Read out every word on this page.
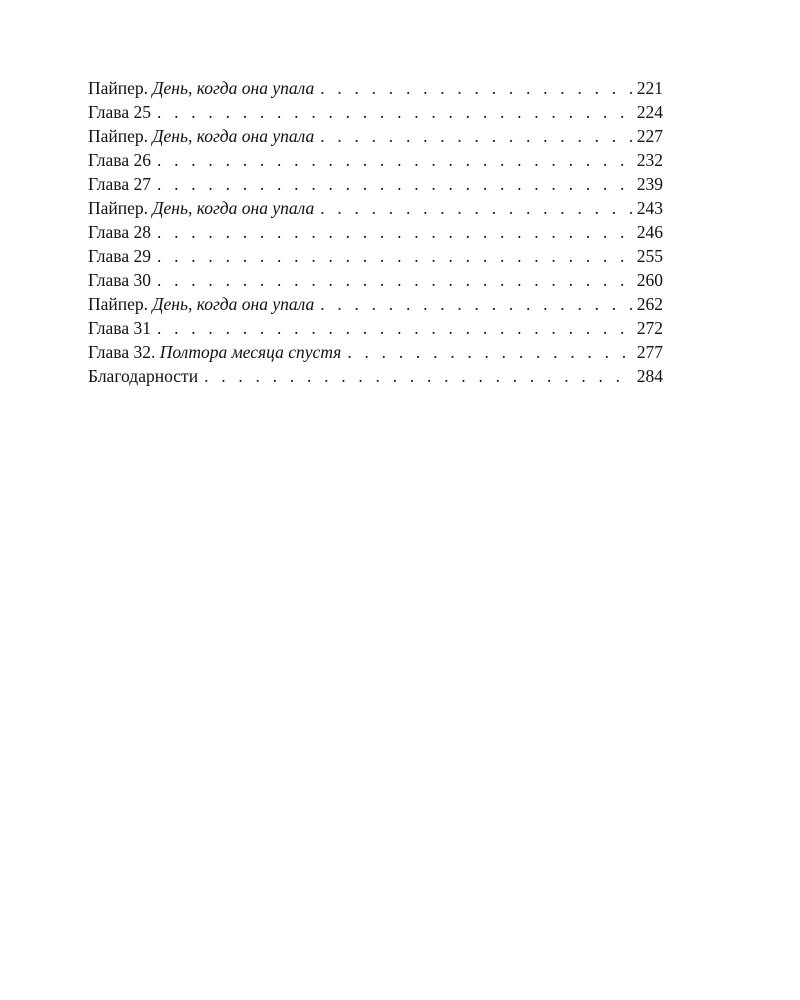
Пайпер. День, когда она упала . . .	221
Глава 25 . . .	224
Пайпер. День, когда она упала . . .	227
Глава 26 . . .	232
Глава 27 . . .	239
Пайпер. День, когда она упала . . .	243
Глава 28 . . .	246
Глава 29 . . .	255
Глава 30 . . .	260
Пайпер. День, когда она упала . . .	262
Глава 31 . . .	272
Глава 32. Полтора месяца спустя . . .	277
Благодарности . . .	284
